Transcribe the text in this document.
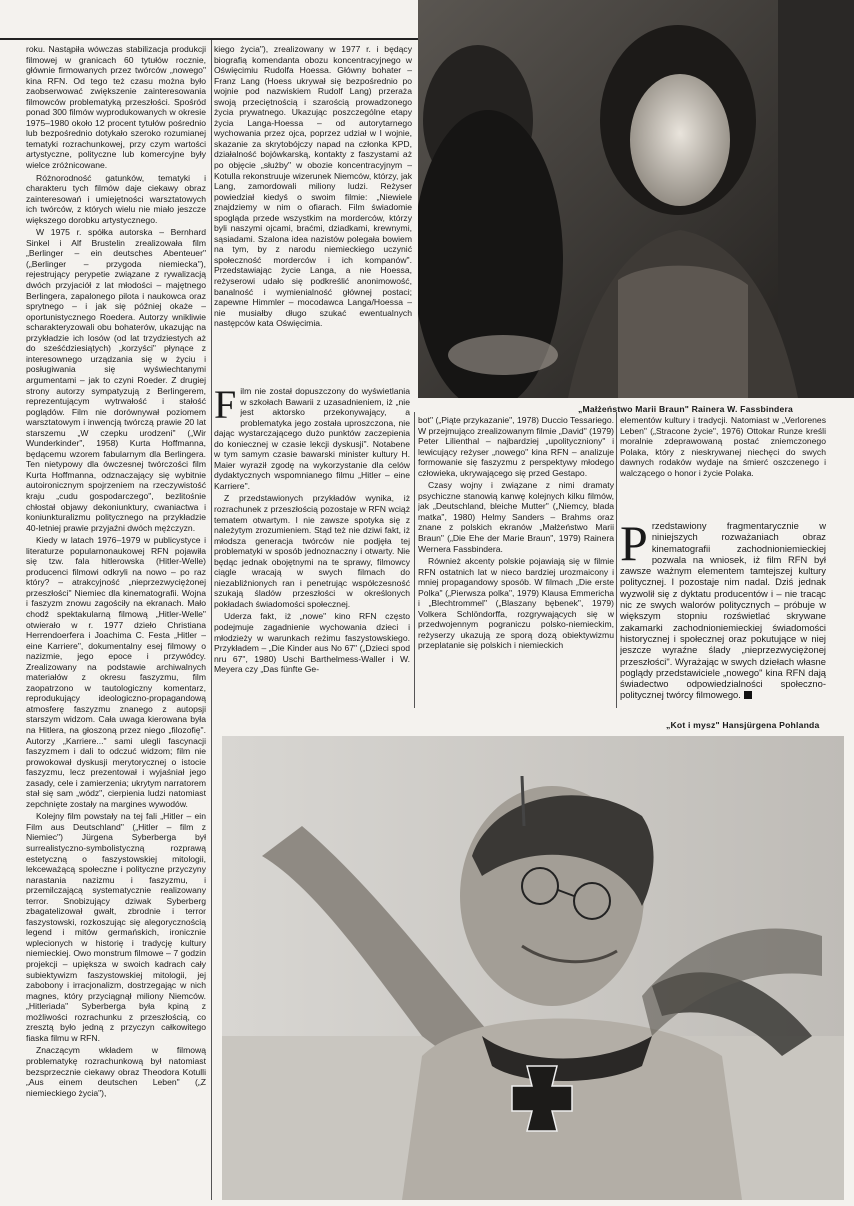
roku. Nastąpiła wówczas stabilizacja produkcji filmowej w granicach 60 tytułów rocznie, głównie firmowanych przez twórców „nowego" kina RFN. Od tego też czasu można było zaobserwować zwiększenie zainteresowania filmowców problematyką przeszłości. Spośród ponad 300 filmów wyprodukowanych w okresie 1975–1980 około 12 procent tytułów pośrednio lub bezpośrednio dotykało szeroko rozumianej tematyki rozrachunkowej, przy czym wartości artystyczne, polityczne lub komercyjne były wielce zróżnicowane.

Różnorodność gatunków, tematyki i charakteru tych filmów daje ciekawy obraz zainteresowań i umiejętności warsztatowych ich twórców, z których wielu nie miało jeszcze większego dorobku artystycznego.

W 1975 r. spółka autorska – Bernhard Sinkel i Alf Brustelin zrealizowała film „Berlinger – ein deutsches Abenteuer" („Berlinger – przygoda niemiecka"), rejestrujący perypetie związane z rywalizacją dwóch przyjaciół z lat młodości – majętnego Berlingera, zapalonego pilota i naukowca oraz sprytnego – i jak się później okaże – oportunistycznego Roedera. Autorzy wnikliwie scharakteryzowali obu bohaterów, ukazując na przykładzie ich losów (od lat trzydziestych aż do sześćdziesiątych) „korzyści" płynące z interesownego urządzania się w życiu i posługiwania się wyświechtanymi argumentami – jak to czyni Roeder. Z drugiej strony autorzy sympatyzują z Berlingerem, reprezentującym wytrwałość i stałość poglądów. Film nie dorównywał poziomem warsztatowym i inwencją twórczą prawie 20 lat starszemu „W czepku urodzeni" („Wir Wunderkinder", 1958) Kurta Hoffmanna, będącemu wzorem fabularnym dla Berlingera. Ten nietypowy dla ówczesnej twórczości film Kurta Hoffmanna, odznaczający się wybitnie autoironicznym spojrzeniem na rzeczywistość kraju „cudu gospodarczego", bezlitośnie chłostał objawy dekoniunktury, cwaniactwa i koniunkturalizmu politycznego na przykładzie 40-letniej prawie przyjaźni dwóch mężczyzn.

Kiedy w latach 1976–1979 w publicystyce i literaturze popularnonaukowej RFN pojawiła się tzw. fala hitlerowska (Hitler-Welle) producenci filmowi odkryli na nowo – po raz który? – atrakcyjność „nieprzezwyciężonej przeszłości" Niemiec dla kinematografii. Wojna i faszyzm znowu zagościły na ekranach. Mało chodź spektakularną filmową „Hitler-Welle" otwierało w r. 1977 dzieło Christiana Herrendoerfera i Joachima C. Festa „Hitler – eine Karriere", dokumentalny esej filmowy o nazizmie, jego epoce i przywódcy. Zrealizowany na podstawie archiwalnych materiałów z okresu faszyzmu, film zaopatrzono w tautologiczny komentarz, reprodukujący ideologiczno-propagandową atmosferę faszyzmu znanego z autopsji starszym widzom. Cała uwaga kierowana była na Hitlera, na głoszoną przez niego „filozofię". Autorzy „Karriere..." sami ulegli fascynacji faszyzmem i dali to odczuć widzom; film nie prowokował dyskusji merytorycznej o istocie faszyzmu, lecz prezentował i wyjaśniał jego zasady, cele i zamierzenia; ukrytym narratorem stał się sam „wódz", cierpienia ludzi natomiast zepchnięte zostały na margines wywodów.

Kolejny film powstały na tej fali „Hitler – ein Film aus Deutschland" („Hitler – film z Niemiec") Jürgena Syberberga był surrealistyczno-symbolistyczną rozprawą estetyczną o faszystowskiej mitologii, lekceważącą społeczne i polityczne przyczyny narastania nazizmu i faszyzmu, i przemilczającą systematycznie realizowany terror. Snobizujący dziwak Syberberg zbagatelizował gwałt, zbrodnie i terror faszystowski, rozkoszując się alegorycznością legend i mitów germańskich, ironicznie wplecionych w historię i tradycję kultury niemieckiej. Owo monstrum filmowe – 7 godzin projekcji – upiększa w swoich kadrach cały subiektywizm faszystowskiej mitologii, jej zabobony i irracjonalizm, dostrzegając w nich magnes, który przyciągnął miliony Niemców. „Hitleriada" Syberberga była kpiną z możliwości rozrachunku z przeszłością, co zresztą było jedną z przyczyn całkowitego fiaska filmu w RFN.

Znaczącym wkładem w filmową problematykę rozrachunkową był natomiast bezsprzecznie ciekawy obraz Theodora Kotulli „Aus einem deutschen Leben" („Z niemieckiego życia"),

kiego życia"), zrealizowany w 1977 r. i będący biografią komendanta obozu koncentracyjnego w Oświęcimiu Rudolfa Hoessa. Główny bohater – Franz Lang (Hoess ukrywał się bezpośrednio po wojnie pod nazwiskiem Rudolf Lang) przeraża swoją przeciętnością i szarością prowadzonego życia prywatnego. Ukazując poszczególne etapy życia Langa-Hoessa – od autorytarnego wychowania przez ojca, poprzez udział w I wojnie, skazanie za skrytobójczy napad na członka KPD, działalność bojówkarską, kontakty z faszystami aż po objęcie „służby" w obozie koncentracyjnym – Kotulla rekonstruuje wizerunek Niemców, którzy, jak Lang, zamordowali miliony ludzi. Reżyser powiedział kiedyś o swoim filmie: „Niewiele znajdziemy w nim o ofiarach. Film świadomie spogląda przede wszystkim na morderców, którzy byli naszymi ojcami, braćmi, dziadkami, krewnymi, sąsiadami. Szalona idea nazistów polegała bowiem na tym, by z narodu niemieckiego uczynić społeczność morderców i ich kompanów". Przedstawiając życie Langa, a nie Hoessa, reżyserowi udało się podkreślić anonimowość, banalność i wymienialność głównej postaci; zapewne Himmler – mocodawca Langa/Hoessa – nie musiałby długo szukać ewentualnych następców kata Oświęcimia.

„Małżeństwo Marii Braun" Rainera W. Fassbindera
F ilm nie został dopuszczony do wyświetlania w szkołach Bawarii z uzasadnieniem, iż „nie jest aktorsko przekonywający, a problematyka jego została uproszczona, nie dając wystarczającego dużo punktów zaczepienia do koniecznej w czasie lekcji dyskusji". Notabene w tym samym czasie bawarski minister kultury H. Maier wyraził zgodę na wykorzystanie dla celów dydaktycznych wspomnianego filmu „Hitler – eine Karriere".

Z przedstawionych przykładów wynika, iż rozrachunek z przeszłością pozostaje w RFN wciąż tematem otwartym. I nie zawsze spotyka się z należytym zrozumieniem. Stąd też nie dziwi fakt, iż młodsza generacja twórców nie podjęła tej problematyki w sposób jednoznaczny i otwarty. Nie będąc jednak obojętnymi na te sprawy, filmowcy ciągle wracają w swych filmach do niezabliźnionych ran i penetrując współczesność szukają śladów przeszłości w określonych pokładach świadomości społecznej.

Uderza fakt, iż „nowe" kino RFN często podejmuje zagadnienie wychowania dzieci i młodzieży w warunkach reżimu faszystowskiego. Przykładem – „Die Kinder aus No 67" („Dzieci spod nru 67", 1980) Uschi Barthelmess-Waller i W. Meyera czy „Das fünfte Ge-

bot" („Piąte przykazanie", 1978) Duccio Tessariego. W przejmująco zrealizowanym filmie „David" (1979) Peter Lilienthal – najbardziej „upolityczniony" i lewicujący reżyser „nowego" kina RFN – analizuje formowanie się faszyzmu z perspektywy młodego człowieka, ukrywającego się przed Gestapo.

Czasy wojny i związane z nimi dramaty psychiczne stanowią kanwę kolejnych kilku filmów, jak „Deutschland, bleiche Mutter" („Niemcy, blada matka", 1980) Helmy Sanders – Brahms oraz znane z polskich ekranów „Małżeństwo Marii Braun" („Die Ehe der Marie Braun", 1979) Rainera Wernera Fassbindera.

Również akcenty polskie pojawiają się w filmie RFN ostatnich lat w nieco bardziej urozmaicony i mniej propagandowy sposób. W filmach „Die erste Polka" („Pierwsza polka", 1979) Klausa Emmericha i „Blechtrommel" („Blaszany bębenek", 1979) Volkera Schlöndorffa, rozgrywających się w przedwojennym pograniczu polsko-niemieckim, reżyserzy ukazują ze sporą dozą obiektywizmu przeplatanie się polskich i niemieckich

elementów kultury i tradycji. Natomiast w „Verlorenes Leben" („Stracone życie", 1976) Ottokar Runze kreśli moralnie zdeprawowaną postać zniemczonego Polaka, który z nieskrywanej niechęci do swych dawnych rodaków wydaje na śmierć oszczenego i walczącego o honor i życie Polaka.

P rzedstawiony fragmentarycznie w niniejszych rozważaniach obraz kinematografii zachodnioniemieckiej pozwala na wniosek, iż film RFN był zawsze ważnym elementem tamtejszej kultury politycznej. I pozostaje nim nadal. Dziś jednak wyzwolił się z dyktatu producentów i – nie tracąc nic ze swych walorów politycznych – próbuje w większym stopniu rozświetlać skrywane zakamarki zachodnioniemieckiej świadomości historycznej i społecznej oraz pokutujące w niej jeszcze wyraźne ślady „nieprzezwyciężonej przeszłości". Wyrażając w swych dziełach własne poglądy przedstawiciele „nowego" kina RFN dają świadectwo odpowiedzialności społeczno-politycznej twórcy filmowego.
„Kot i mysz" Hansjürgena Pohlanda
